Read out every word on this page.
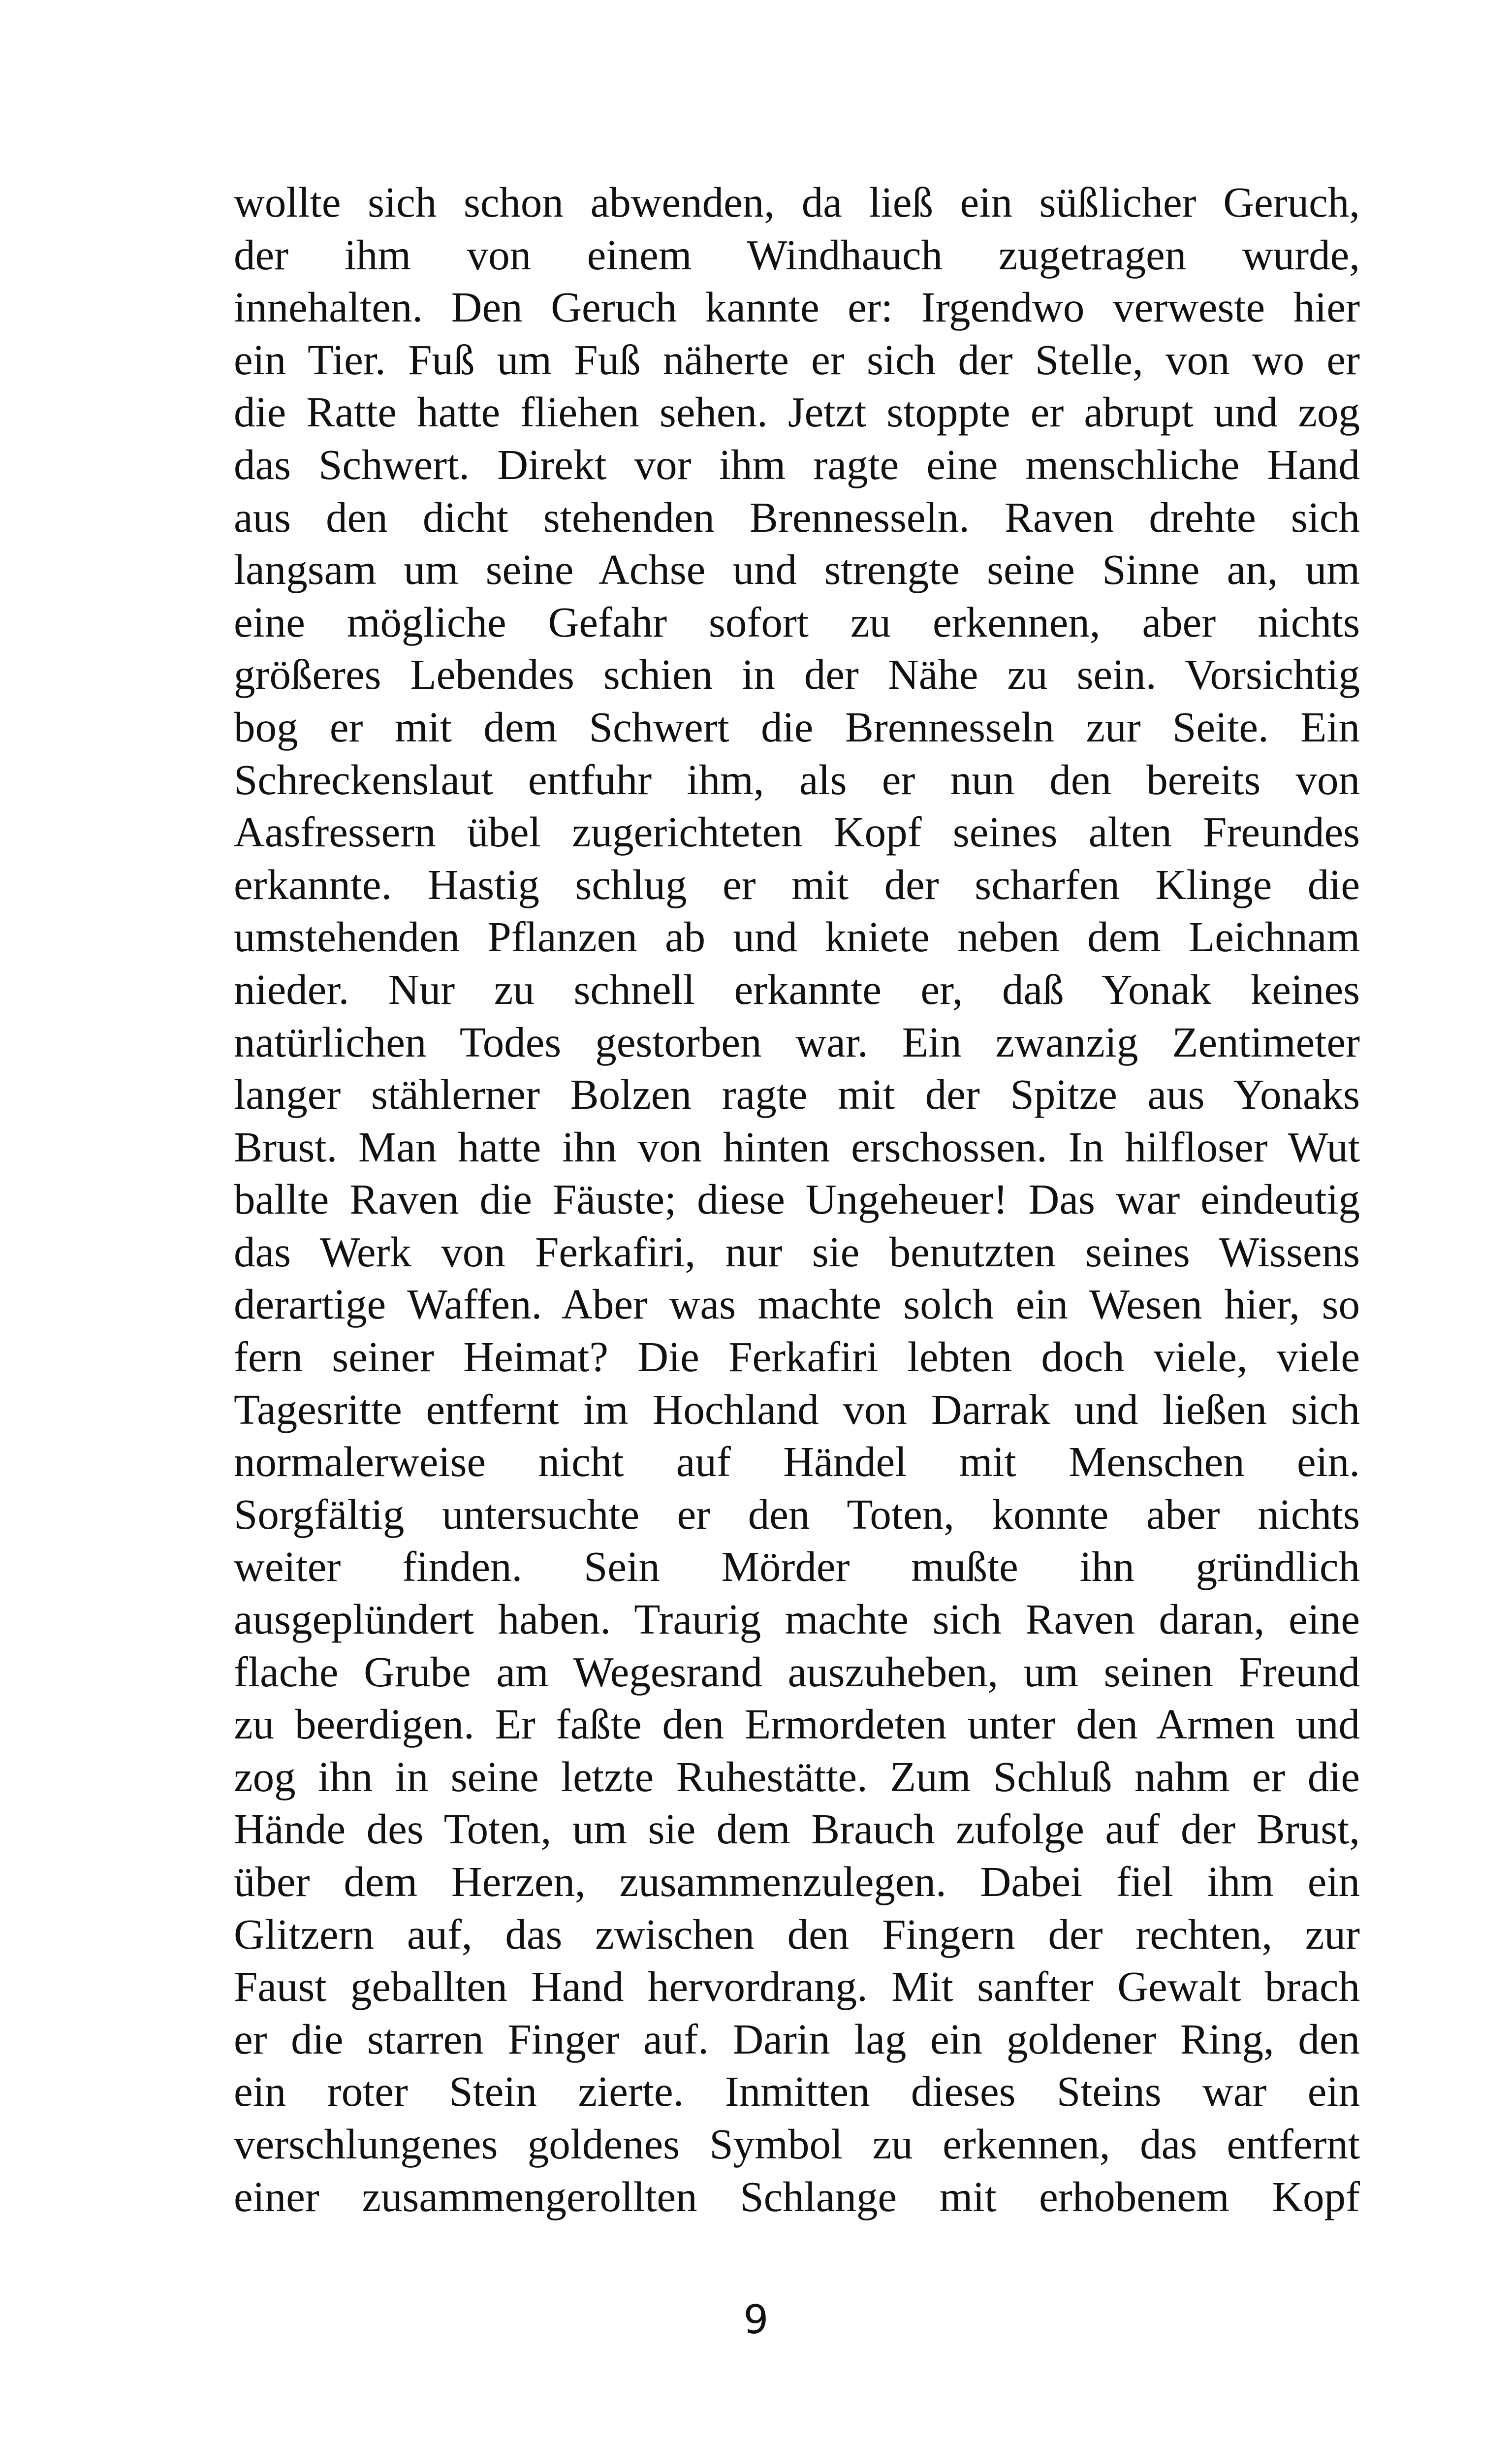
wollte sich schon abwenden, da ließ ein süßlicher Geruch,
der ihm von einem Windhauch zugetragen wurde,
innehalten. Den Geruch kannte er: Irgendwo verweste hier
ein Tier. Fuß um Fuß näherte er sich der Stelle, von wo er
die Ratte hatte fliehen sehen. Jetzt stoppte er abrupt und zog
das Schwert. Direkt vor ihm ragte eine menschliche Hand
aus den dicht stehenden Brennesseln. Raven drehte sich
langsam um seine Achse und strengte seine Sinne an, um
eine mögliche Gefahr sofort zu erkennen, aber nichts
größeres Lebendes schien in der Nähe zu sein. Vorsichtig
bog er mit dem Schwert die Brennesseln zur Seite. Ein
Schreckenslaut entfuhr ihm, als er nun den bereits von
Aasfressern übel zugerichteten Kopf seines alten Freundes
erkannte. Hastig schlug er mit der scharfen Klinge die
umstehenden Pflanzen ab und kniete neben dem Leichnam
nieder. Nur zu schnell erkannte er, daß Yonak keines
natürlichen Todes gestorben war. Ein zwanzig Zentimeter
langer stählerner Bolzen ragte mit der Spitze aus Yonaks
Brust. Man hatte ihn von hinten erschossen. In hilfloser Wut
ballte Raven die Fäuste; diese Ungeheuer! Das war eindeutig
das Werk von Ferkafiri, nur sie benutzten seines Wissens
derartige Waffen. Aber was machte solch ein Wesen hier, so
fern seiner Heimat? Die Ferkafiri lebten doch viele, viele
Tagesritte entfernt im Hochland von Darrak und ließen sich
normalerweise nicht auf Händel mit Menschen ein.
Sorgfältig untersuchte er den Toten, konnte aber nichts
weiter finden. Sein Mörder mußte ihn gründlich
ausgeplündert haben. Traurig machte sich Raven daran, eine
flache Grube am Wegesrand auszuheben, um seinen Freund
zu beerdigen. Er faßte den Ermordeten unter den Armen und
zog ihn in seine letzte Ruhestätte. Zum Schluß nahm er die
Hände des Toten, um sie dem Brauch zufolge auf der Brust,
über dem Herzen, zusammenzulegen. Dabei fiel ihm ein
Glitzern auf, das zwischen den Fingern der rechten, zur
Faust geballten Hand hervordrang. Mit sanfter Gewalt brach
er die starren Finger auf. Darin lag ein goldener Ring, den
ein roter Stein zierte. Inmitten dieses Steins war ein
verschlungenes goldenes Symbol zu erkennen, das entfernt
einer zusammengerollten Schlange mit erhobenem Kopf
9
